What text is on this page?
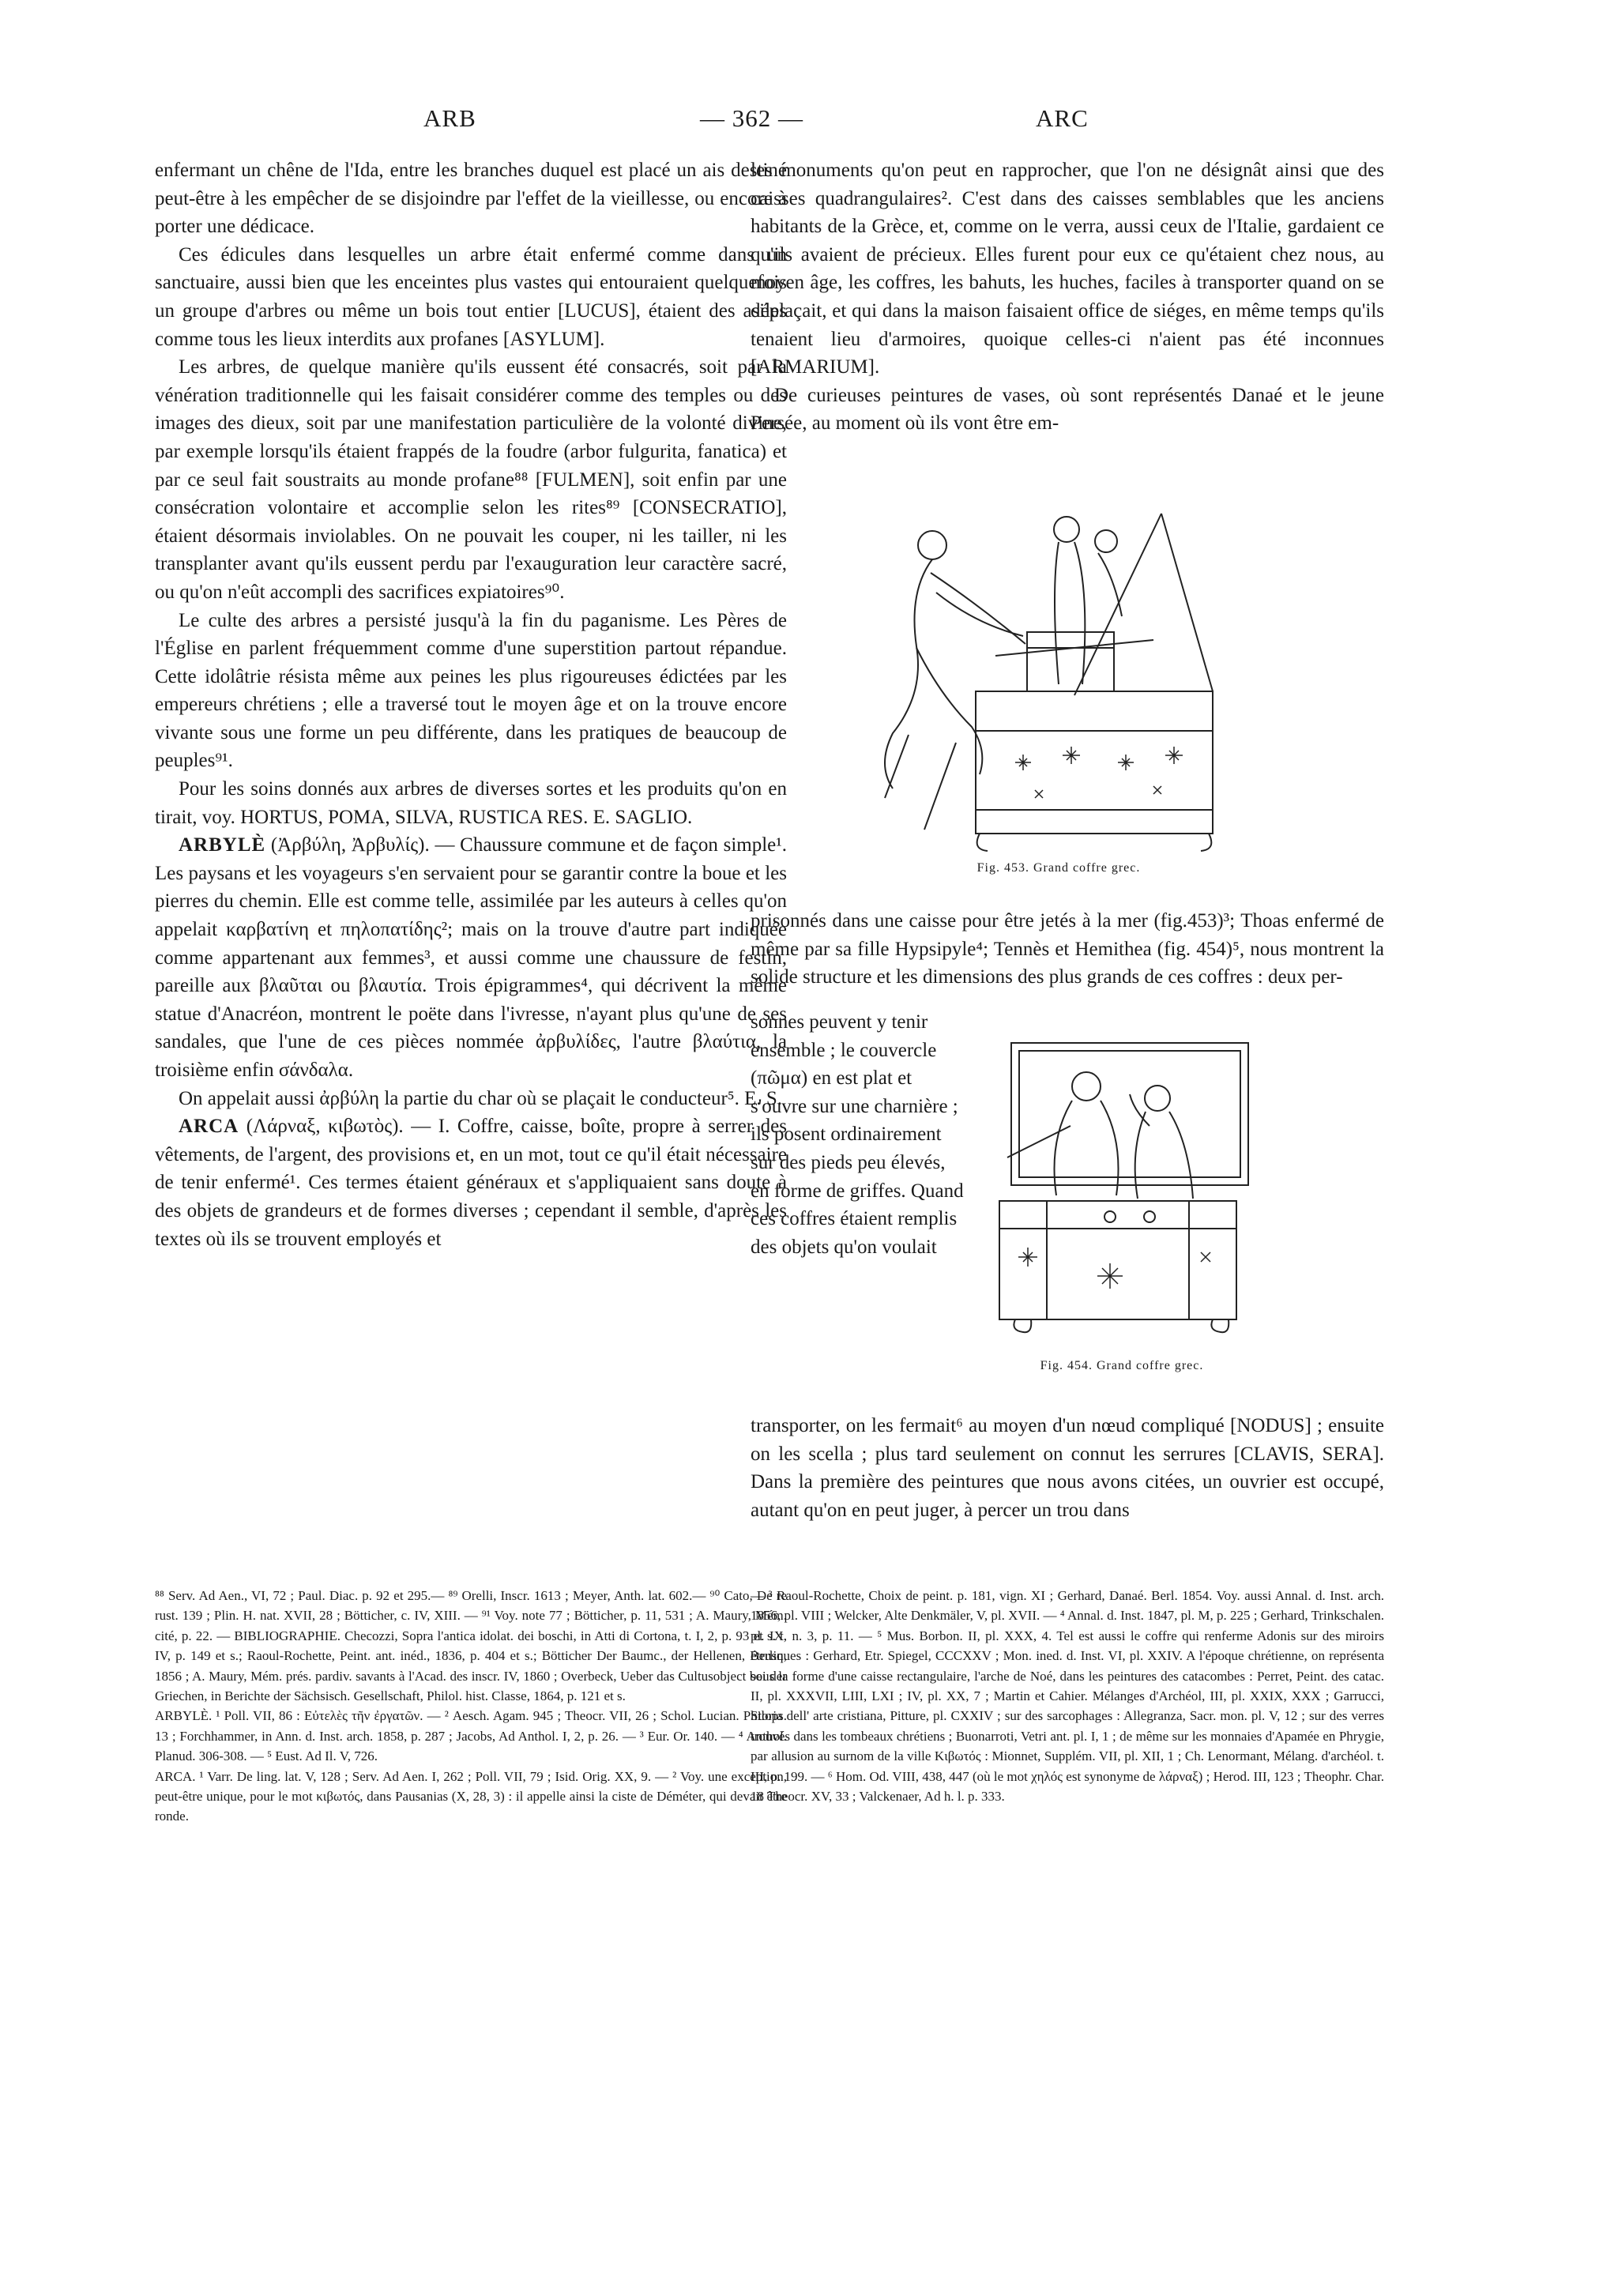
ARB	— 362 —	ARC

enfermant un chêne de l'Ida, entre les branches duquel est placé un ais destiné peut-être à les empêcher de se disjoindre par l'effet de la vieillesse, ou encore à porter une dédicace.

Ces édicules dans lesquelles un arbre était enfermé comme dans un sanctuaire, aussi bien que les enceintes plus vastes qui entouraient quelquefois un groupe d'arbres ou même un bois tout entier [LUCUS], étaient des asiles comme tous les lieux interdits aux profanes [ASYLUM].

Les arbres, de quelque manière qu'ils eussent été consacrés, soit par la vénération traditionnelle qui les faisait considérer comme des temples ou des images des dieux, soit par une manifestation particulière de la volonté divine, par exemple lorsqu'ils étaient frappés de la foudre (arbor fulgurita, fanatica) et par ce seul fait soustraits au monde profane⁸⁸ [FULMEN], soit enfin par une consécration volontaire et accomplie selon les rites⁸⁹ [CONSECRATIO], étaient désormais inviolables. On ne pouvait les couper, ni les tailler, ni les transplanter avant qu'ils eussent perdu par l'exauguration leur caractère sacré, ou qu'on n'eût accompli des sacrifices expiatoires⁹⁰.

Le culte des arbres a persisté jusqu'à la fin du paganisme. Les Pères de l'Église en parlent fréquemment comme d'une superstition partout répandue. Cette idolâtrie résista même aux peines les plus rigoureuses édictées par les empereurs chrétiens ; elle a traversé tout le moyen âge et on la trouve encore vivante sous une forme un peu différente, dans les pratiques de beaucoup de peuples⁹¹.

Pour les soins donnés aux arbres de diverses sortes et les produits qu'on en tirait, voy. HORTUS, POMA, SILVA, RUSTICA RES. E. SAGLIO.

ARBYLÈ (Ἀρβύλη, Ἀρβυλίς). — Chaussure commune et de façon simple¹. Les paysans et les voyageurs s'en servaient pour se garantir contre la boue et les pierres du chemin. Elle est comme telle, assimilée par les auteurs à celles qu'on appelait καρβατίνη et πηλοπατίδης²; mais on la trouve d'autre part indiquée comme appartenant aux femmes³, et aussi comme une chaussure de festin, pareille aux βλαῦται ou βλαυτία. Trois épigrammes⁴, qui décrivent la même statue d'Anacréon, montrent le poëte dans l'ivresse, n'ayant plus qu'une de ses sandales, que l'une de ces pièces nommée ἀρβυλίδες, l'autre βλαύτια, la troisième enfin σάνδαλα.

On appelait aussi ἀρβύλη la partie du char où se plaçait le conducteur⁵. E. S.

ARCA (Λάρναξ, κιβωτὸς). — I. Coffre, caisse, boîte, propre à serrer des vêtements, de l'argent, des provisions et, en un mot, tout ce qu'il était nécessaire de tenir enfermé¹. Ces termes étaient généraux et s'appliquaient sans doute à des objets de grandeurs et de formes diverses ; cependant il semble, d'après les textes où ils se trouvent employés et

les monuments qu'on peut en rapprocher, que l'on ne désignât ainsi que des caisses quadrangulaires². C'est dans des caisses semblables que les anciens habitants de la Grèce, et, comme on le verra, aussi ceux de l'Italie, gardaient ce qu'ils avaient de précieux. Elles furent pour eux ce qu'étaient chez nous, au moyen âge, les coffres, les bahuts, les huches, faciles à transporter quand on se déplaçait, et qui dans la maison faisaient office de siéges, en même temps qu'ils tenaient lieu d'armoires, quoique celles-ci n'aient pas été inconnues [ARMARIUM].

De curieuses peintures de vases, où sont représentés Danaé et le jeune Persée, au moment où ils vont être em-

Fig. 453. Grand coffre grec.

prisonnés dans une caisse pour être jetés à la mer (fig.453)³; Thoas enfermé de même par sa fille Hypsipyle⁴; Tennès et Hemithea (fig. 454)⁵, nous montrent la solide structure et les dimensions des plus grands de ces coffres : deux per-

sonnes peuvent y tenir ensemble ; le couvercle (πῶμα) en est plat et s'ouvre sur une charnière ; ils posent ordinairement sur des pieds peu élevés, en forme de griffes. Quand ces coffres étaient remplis des objets qu'on voulait

Fig. 454. Grand coffre grec.

transporter, on les fermait⁶ au moyen d'un nœud compliqué [NODUS] ; ensuite on les scella ; plus tard seulement on connut les serrures [CLAVIS, SERA]. Dans la première des peintures que nous avons citées, un ouvrier est occupé, autant qu'on en peut juger, à percer un trou dans

⁸⁸ Serv. Ad Aen., VI, 72 ; Paul. Diac. p. 92 et 295.— ⁸⁹ Orelli, Inscr. 1613 ; Meyer, Anth. lat. 602.— ⁹⁰ Cato, De re rust. 139 ; Plin. H. nat. XVII, 28 ; Bötticher, c. IV, XIII. — ⁹¹ Voy. note 77 ; Bötticher, p. 11, 531 ; A. Maury, Mém. cité, p. 22. — BIBLIOGRAPHIE. Checozzi, Sopra l'antica idolat. dei boschi, in Atti di Cortona, t. I, 2, p. 93 et s. t. IV, p. 149 et s.; Raoul-Rochette, Peint. ant. inéd., 1836, p. 404 et s.; Bötticher Der Baumc., der Hellenen, Berlin, 1856 ; A. Maury, Mém. prés. pardiv. savants à l'Acad. des inscr. IV, 1860 ; Overbeck, Ueber das Cultusobject bei der Griechen, in Berichte der Sächsisch. Gesellschaft, Philol. hist. Classe, 1864, p. 121 et s.

ARBYLÈ. ¹ Poll. VII, 86 : Εὐτελὲς τῆν ἐργατῶν. — ² Aesch. Agam. 945 ; Theocr. VII, 26 ; Schol. Lucian. Philops. 13 ; Forchhammer, in Ann. d. Inst. arch. 1858, p. 287 ; Jacobs, Ad Anthol. I, 2, p. 26. — ³ Eur. Or. 140. — ⁴ Anthol. Planud. 306-308. — ⁵ Eust. Ad Il. V, 726.

ARCA. ¹ Varr. De ling. lat. V, 128 ; Serv. Ad Aen. I, 262 ; Poll. VII, 79 ; Isid. Orig. XX, 9. — ² Voy. une exception, peut-être unique, pour le mot κιβωτός, dans Pausanias (X, 28, 3) : il appelle ainsi la ciste de Déméter, qui devait être ronde.

— ³ Raoul-Rochette, Choix de peint. p. 181, vign. XI ; Gerhard, Danaé. Berl. 1854. Voy. aussi Annal. d. Inst. arch. 1856, pl. VIII ; Welcker, Alte Denkmäler, V, pl. XVII. — ⁴ Annal. d. Inst. 1847, pl. M, p. 225 ; Gerhard, Trinkschalen. pl. IX, n. 3, p. 11. — ⁵ Mus. Borbon. II, pl. XXX, 4. Tel est aussi le coffre qui renferme Adonis sur des miroirs étrusques : Gerhard, Etr. Spiegel, CCCXXV ; Mon. ined. d. Inst. VI, pl. XXIV. A l'époque chrétienne, on représenta sous la forme d'une caisse rectangulaire, l'arche de Noé, dans les peintures des catacombes : Perret, Peint. des catac. II, pl. XXXVII, LIII, LXI ; IV, pl. XX, 7 ; Martin et Cahier. Mélanges d'Archéol, III, pl. XXIX, XXX ; Garrucci, Storia dell' arte cristiana, Pitture, pl. CXXIV ; sur des sarcophages : Allegranza, Sacr. mon. pl. V, 12 ; sur des verres trouvés dans les tombeaux chrétiens ; Buonarroti, Vetri ant. pl. I, 1 ; de même sur les monnaies d'Apamée en Phrygie, par allusion au surnom de la ville Κιβωτός : Mionnet, Supplém. VII, pl. XII, 1 ; Ch. Lenormant, Mélang. d'archéol. t. III, p. 199. — ⁶ Hom. Od. VIII, 438, 447 (où le mot χηλός est synonyme de λάρναξ) ; Herod. III, 123 ; Theophr. Char. 18 Theocr. XV, 33 ; Valckenaer, Ad h. l. p. 333.
